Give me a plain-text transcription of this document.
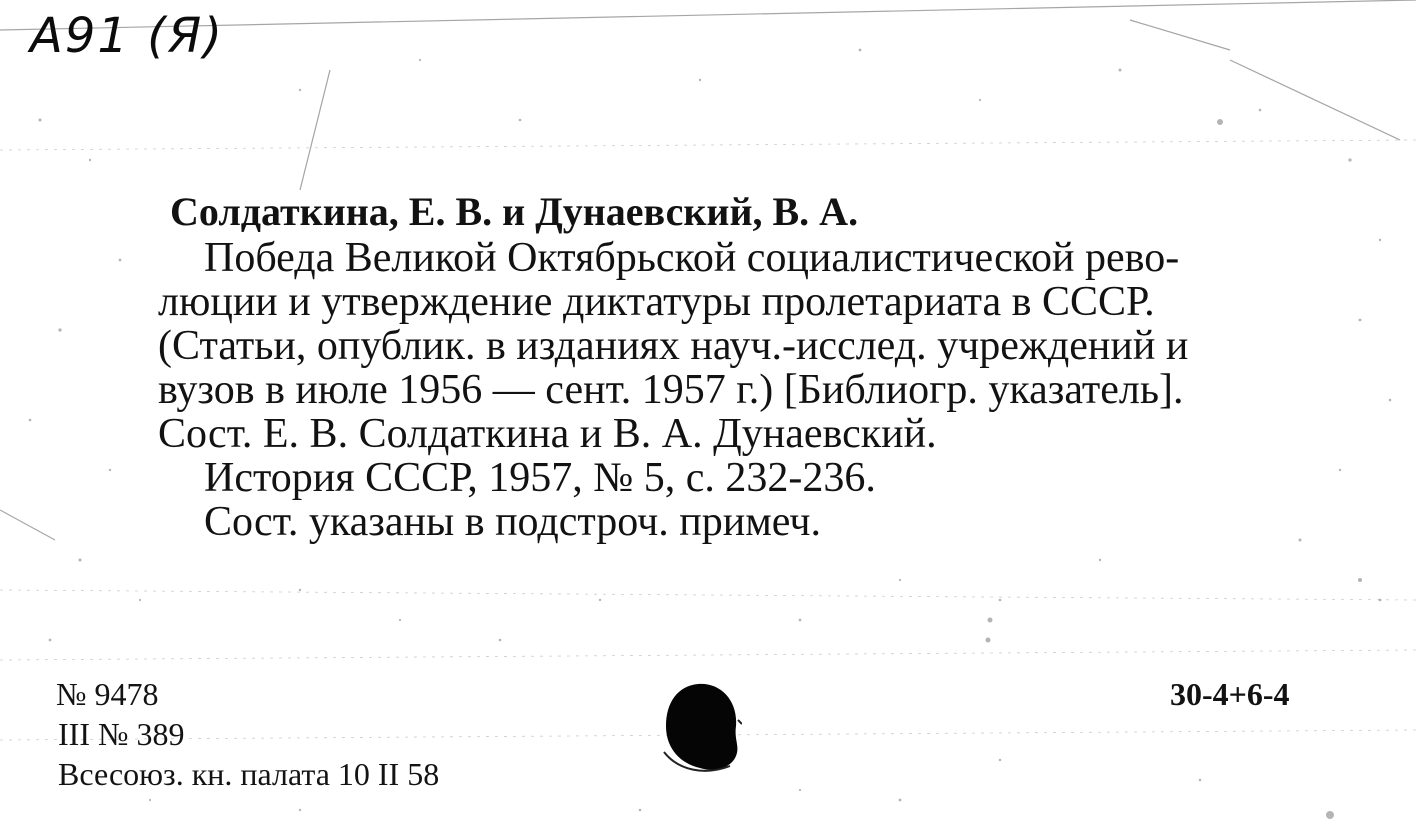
А91 (Я)
Солдаткина, Е. В. и Дунаевский, В. А.
Победа Великой Октябрьской социалистической рево-
люции и утверждение диктатуры пролетариата в СССР.
(Статьи, опублик. в изданиях науч.-исслед. учреждений и
вузов в июле 1956 — сент. 1957 г.) [Библиогр. указатель].
Сост. Е. В. Солдаткина и В. А. Дунаевский.
История СССР, 1957, № 5, с. 232-236.
Сост. указаны в подстроч. примеч.
№ 9478
III № 389
Всесоюз. кн. палата 10 II 58
30-4+6-4
